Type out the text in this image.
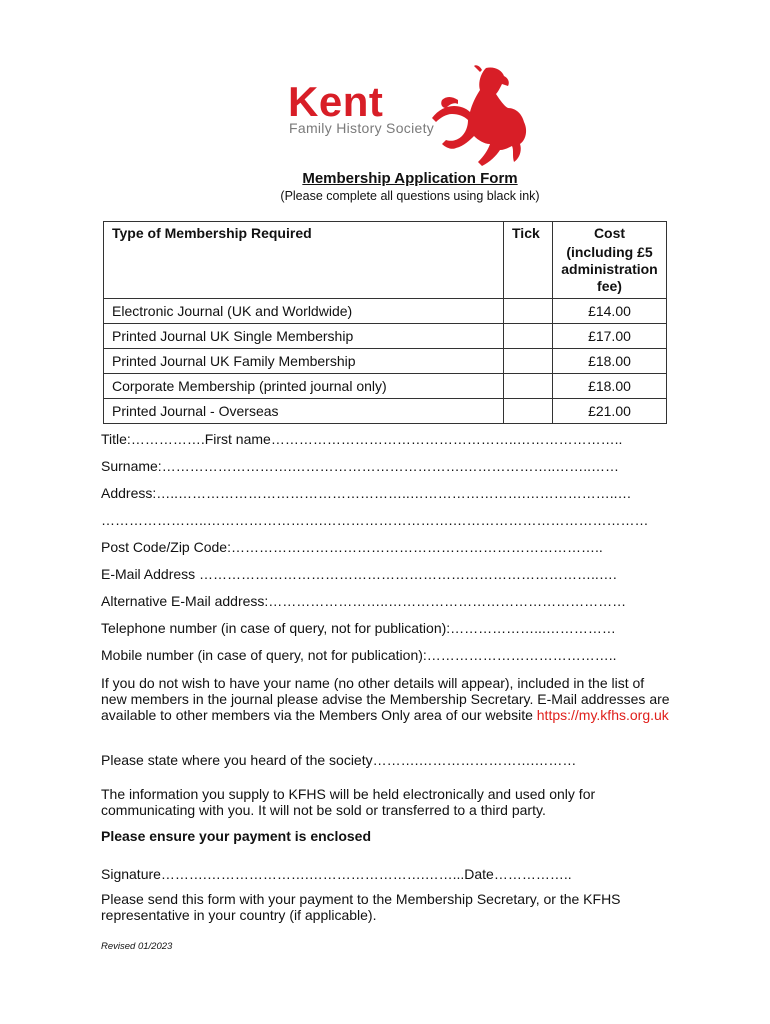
Kent
Family History Society
Membership Application Form
(Please complete all questions using black ink)
Type of Membership Required	Tick	Cost
(including £5 administration fee)

Electronic Journal (UK and Worldwide)		£14.00
Printed Journal UK Single Membership		£17.00
Printed Journal UK Family Membership		£18.00
Corporate Membership (printed journal only)		£18.00
Printed Journal - Overseas		£21.00
Title:…………….First name……………………………………………..…………………..
Surname:……………………….……………………………….………………..……..……
Address:…..…………………………………………..…………………….………………..…
…………………..…………………….……………………….……………………………………
Post Code/Zip Code:……………………………………………………………………..
E-Mail Address …………………………………………………………………………..….
Alternative E-Mail address:……………………..……………………………………………
Telephone number (in case of query, not for publication):………………...……………
Mobile number (in case of query, not for publication):…………………………………..
If you do not wish to have your name (no other details will appear), included in the list of new members in the journal please advise the Membership Secretary. E-Mail addresses are available to other members via the Members Only area of our website https://my.kfhs.org.uk
Please state where you heard of the society……….…………………….………
The information you supply to KFHS will be held electronically and used only for communicating with you. It will not be sold or transferred to a third party.
Please ensure your payment is enclosed
Signature……….………………….…………………….……...Date……………..
Please send this form with your payment to the Membership Secretary, or the KFHS representative in your country (if applicable).
Revised 01/2023
